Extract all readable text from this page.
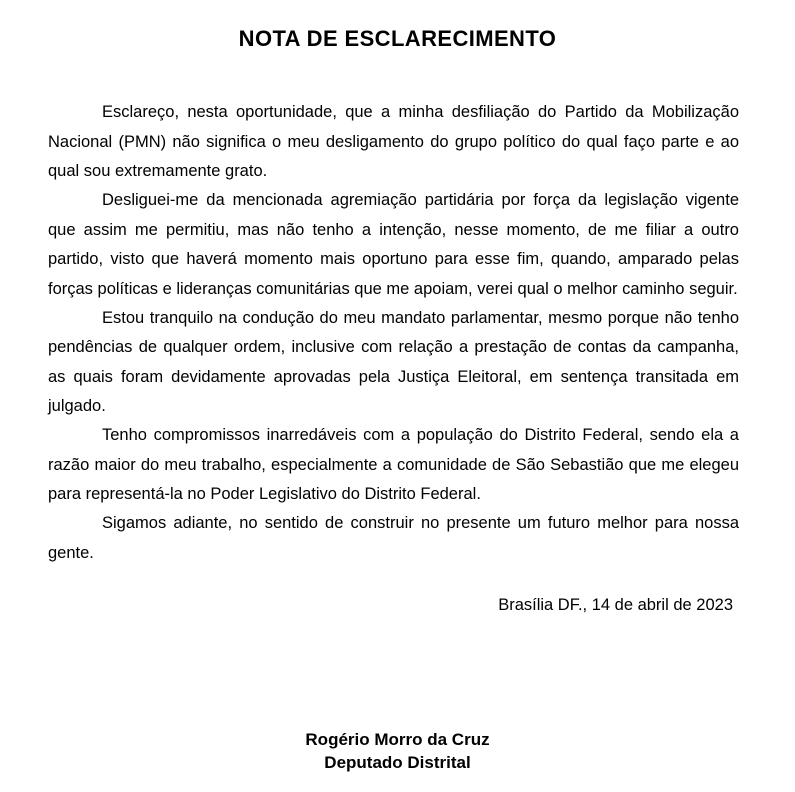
NOTA DE ESCLARECIMENTO

Esclareço, nesta oportunidade, que a minha desfiliação do Partido da Mobilização Nacional (PMN) não significa o meu desligamento do grupo político do qual faço parte e ao qual sou extremamente grato.

Desliguei-me da mencionada agremiação partidária por força da legislação vigente que assim me permitiu, mas não tenho a intenção, nesse momento, de me filiar a outro partido, visto que haverá momento mais oportuno para esse fim, quando, amparado pelas forças políticas e lideranças comunitárias que me apoiam, verei qual o melhor caminho seguir.

Estou tranquilo na condução do meu mandato parlamentar, mesmo porque não tenho pendências de qualquer ordem, inclusive com relação a prestação de contas da campanha, as quais foram devidamente aprovadas pela Justiça Eleitoral, em sentença transitada em julgado.

Tenho compromissos inarredáveis com a população do Distrito Federal, sendo ela a razão maior do meu trabalho, especialmente a comunidade de São Sebastião que me elegeu para representá-la no Poder Legislativo do Distrito Federal.

Sigamos adiante, no sentido de construir no presente um futuro melhor para nossa gente.

Brasília DF., 14 de abril de 2023
Rogério Morro da Cruz
Deputado Distrital
